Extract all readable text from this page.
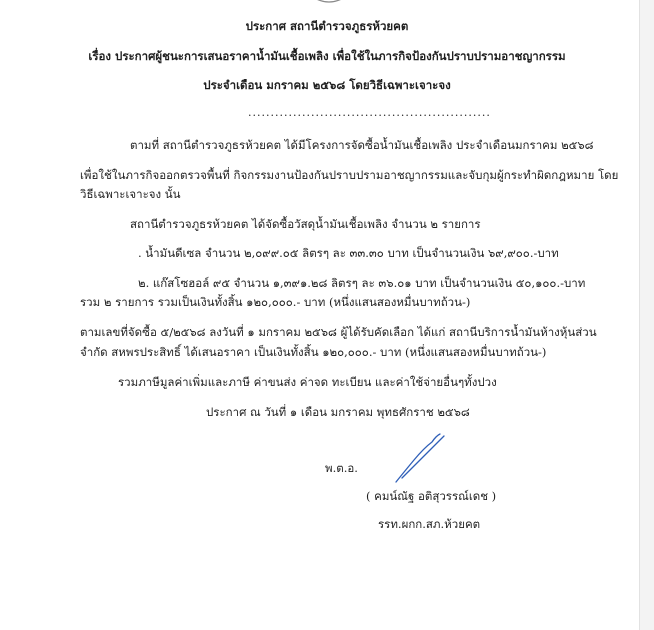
ประกาศ สถานีตำรวจภูธรห้วยคต
เรื่อง ประกาศผู้ชนะการเสนอราคาน้ำมันเชื้อเพลิง เพื่อใช้ในภารกิจป้องกันปราบปรามอาชญากรรม
ประจำเดือน มกราคม ๒๕๖๘ โดยวิธีเฉพาะเจาะจง
......................................................
ตามที่ สถานีตำรวจภูธรห้วยคต ได้มีโครงการจัดซื้อน้ำมันเชื้อเพลิง ประจำเดือนมกราคม ๒๕๖๘
เพื่อใช้ในภารกิจออกตรวจพื้นที่ กิจกรรมงานป้องกันปราบปรามอาชญากรรมและจับกุมผู้กระทำผิดกฎหมาย โดย
วิธีเฉพาะเจาะจง นั้น
สถานีตำรวจภูธรห้วยคต ได้จัดซื้อวัสดุน้ำมันเชื้อเพลิง จำนวน ๒ รายการ
. น้ำมันดีเซล จำนวน ๒,๐๙๙.๐๕ ลิตรๆ ละ ๓๓.๓๐ บาท เป็นจำนวนเงิน ๖๙,๙๐๐.-บาท
๒. แก๊สโซฮอล์ ๙๕ จำนวน ๑,๓๙๑.๒๘ ลิตรๆ ละ ๓๖.๐๑ บาท เป็นจำนวนเงิน ๕๐,๑๐๐.-บาท
รวม ๒ รายการ รวมเป็นเงินทั้งสิ้น ๑๒๐,๐๐๐.- บาท (หนึ่งแสนสองหมื่นบาทถ้วน-)
ตามเลขที่จัดซื้อ ๕/๒๕๖๘ ลงวันที่ ๑ มกราคม ๒๕๖๘ ผู้ได้รับคัดเลือก ได้แก่ สถานีบริการน้ำมันห้างหุ้นส่วน
จำกัด สหพรประสิทธิ์ ได้เสนอราคา เป็นเงินทั้งสิ้น ๑๒๐,๐๐๐.- บาท (หนึ่งแสนสองหมื่นบาทถ้วน-)
รวมภาษีมูลค่าเพิ่มและภาษี ค่าขนส่ง ค่าจด ทะเบียน และค่าใช้จ่ายอื่นๆทั้งปวง
ประกาศ ณ วันที่ ๑ เดือน มกราคม พุทธศักราช ๒๕๖๘
พ.ต.อ.
( คมน์ณัฐ อติสุวรรณ์เดช )
รรท.ผกก.สภ.ห้วยคต
